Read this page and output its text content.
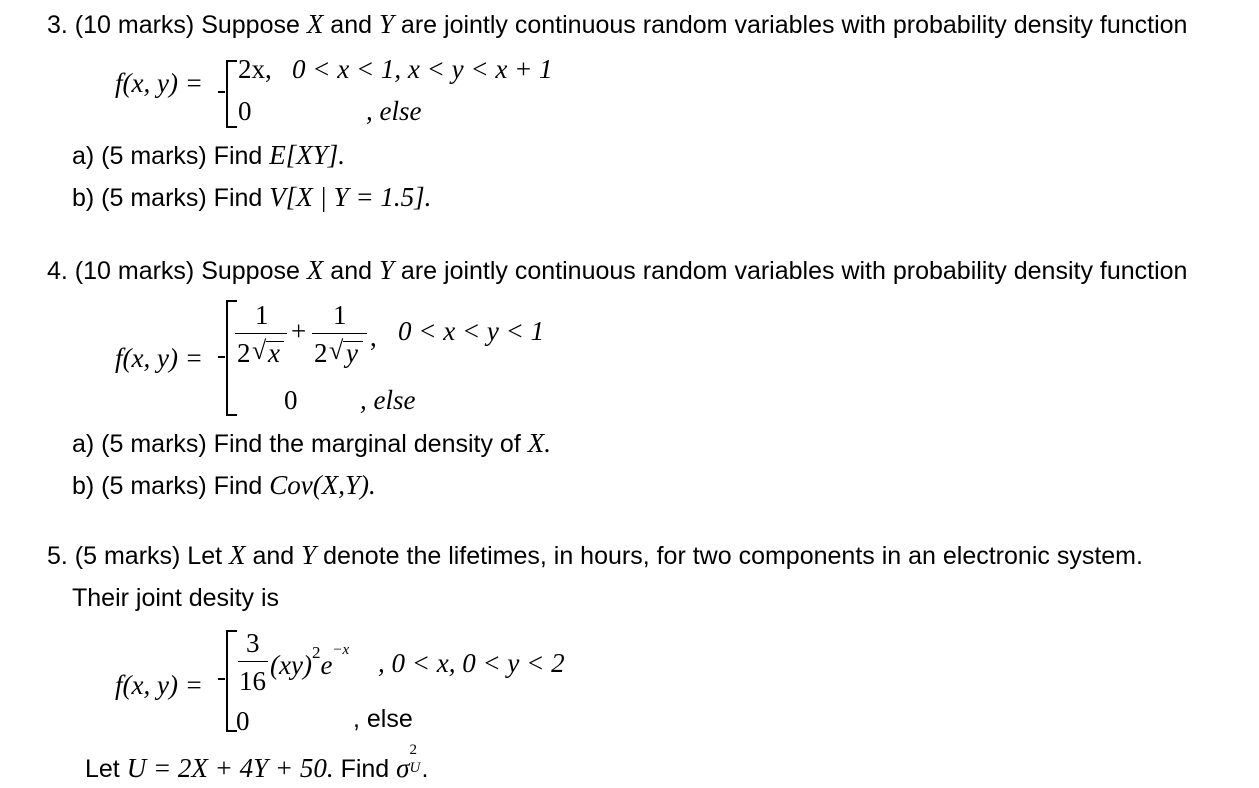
3. (10 marks) Suppose X and Y are jointly continuous random variables with probability density function
f(x, y) = 2x, 0 < x < 1, x < y < x + 1
0	, else
a) (5 marks) Find E[XY].
b) (5 marks) Find V[X | Y = 1.5].
4. (10 marks) Suppose X and Y are jointly continuous random variables with probability density function
f(x, y) =
1
2 √ x
+
1
2 √ y
, 0 < x < y < 1
0 , else
a) (5 marks) Find the marginal density of X.
b) (5 marks) Find Cov(X,Y).
5. (5 marks) Let X and Y denote the lifetimes, in hours, for two components in an electronic system.
Their joint desity is
f(x, y) =
3
16
$(xy)^2e^{-x}$ , 0 < x, 0 < y < 2
0	, else
Let U = 2X + 4Y + 50. Find σ
2
U .
